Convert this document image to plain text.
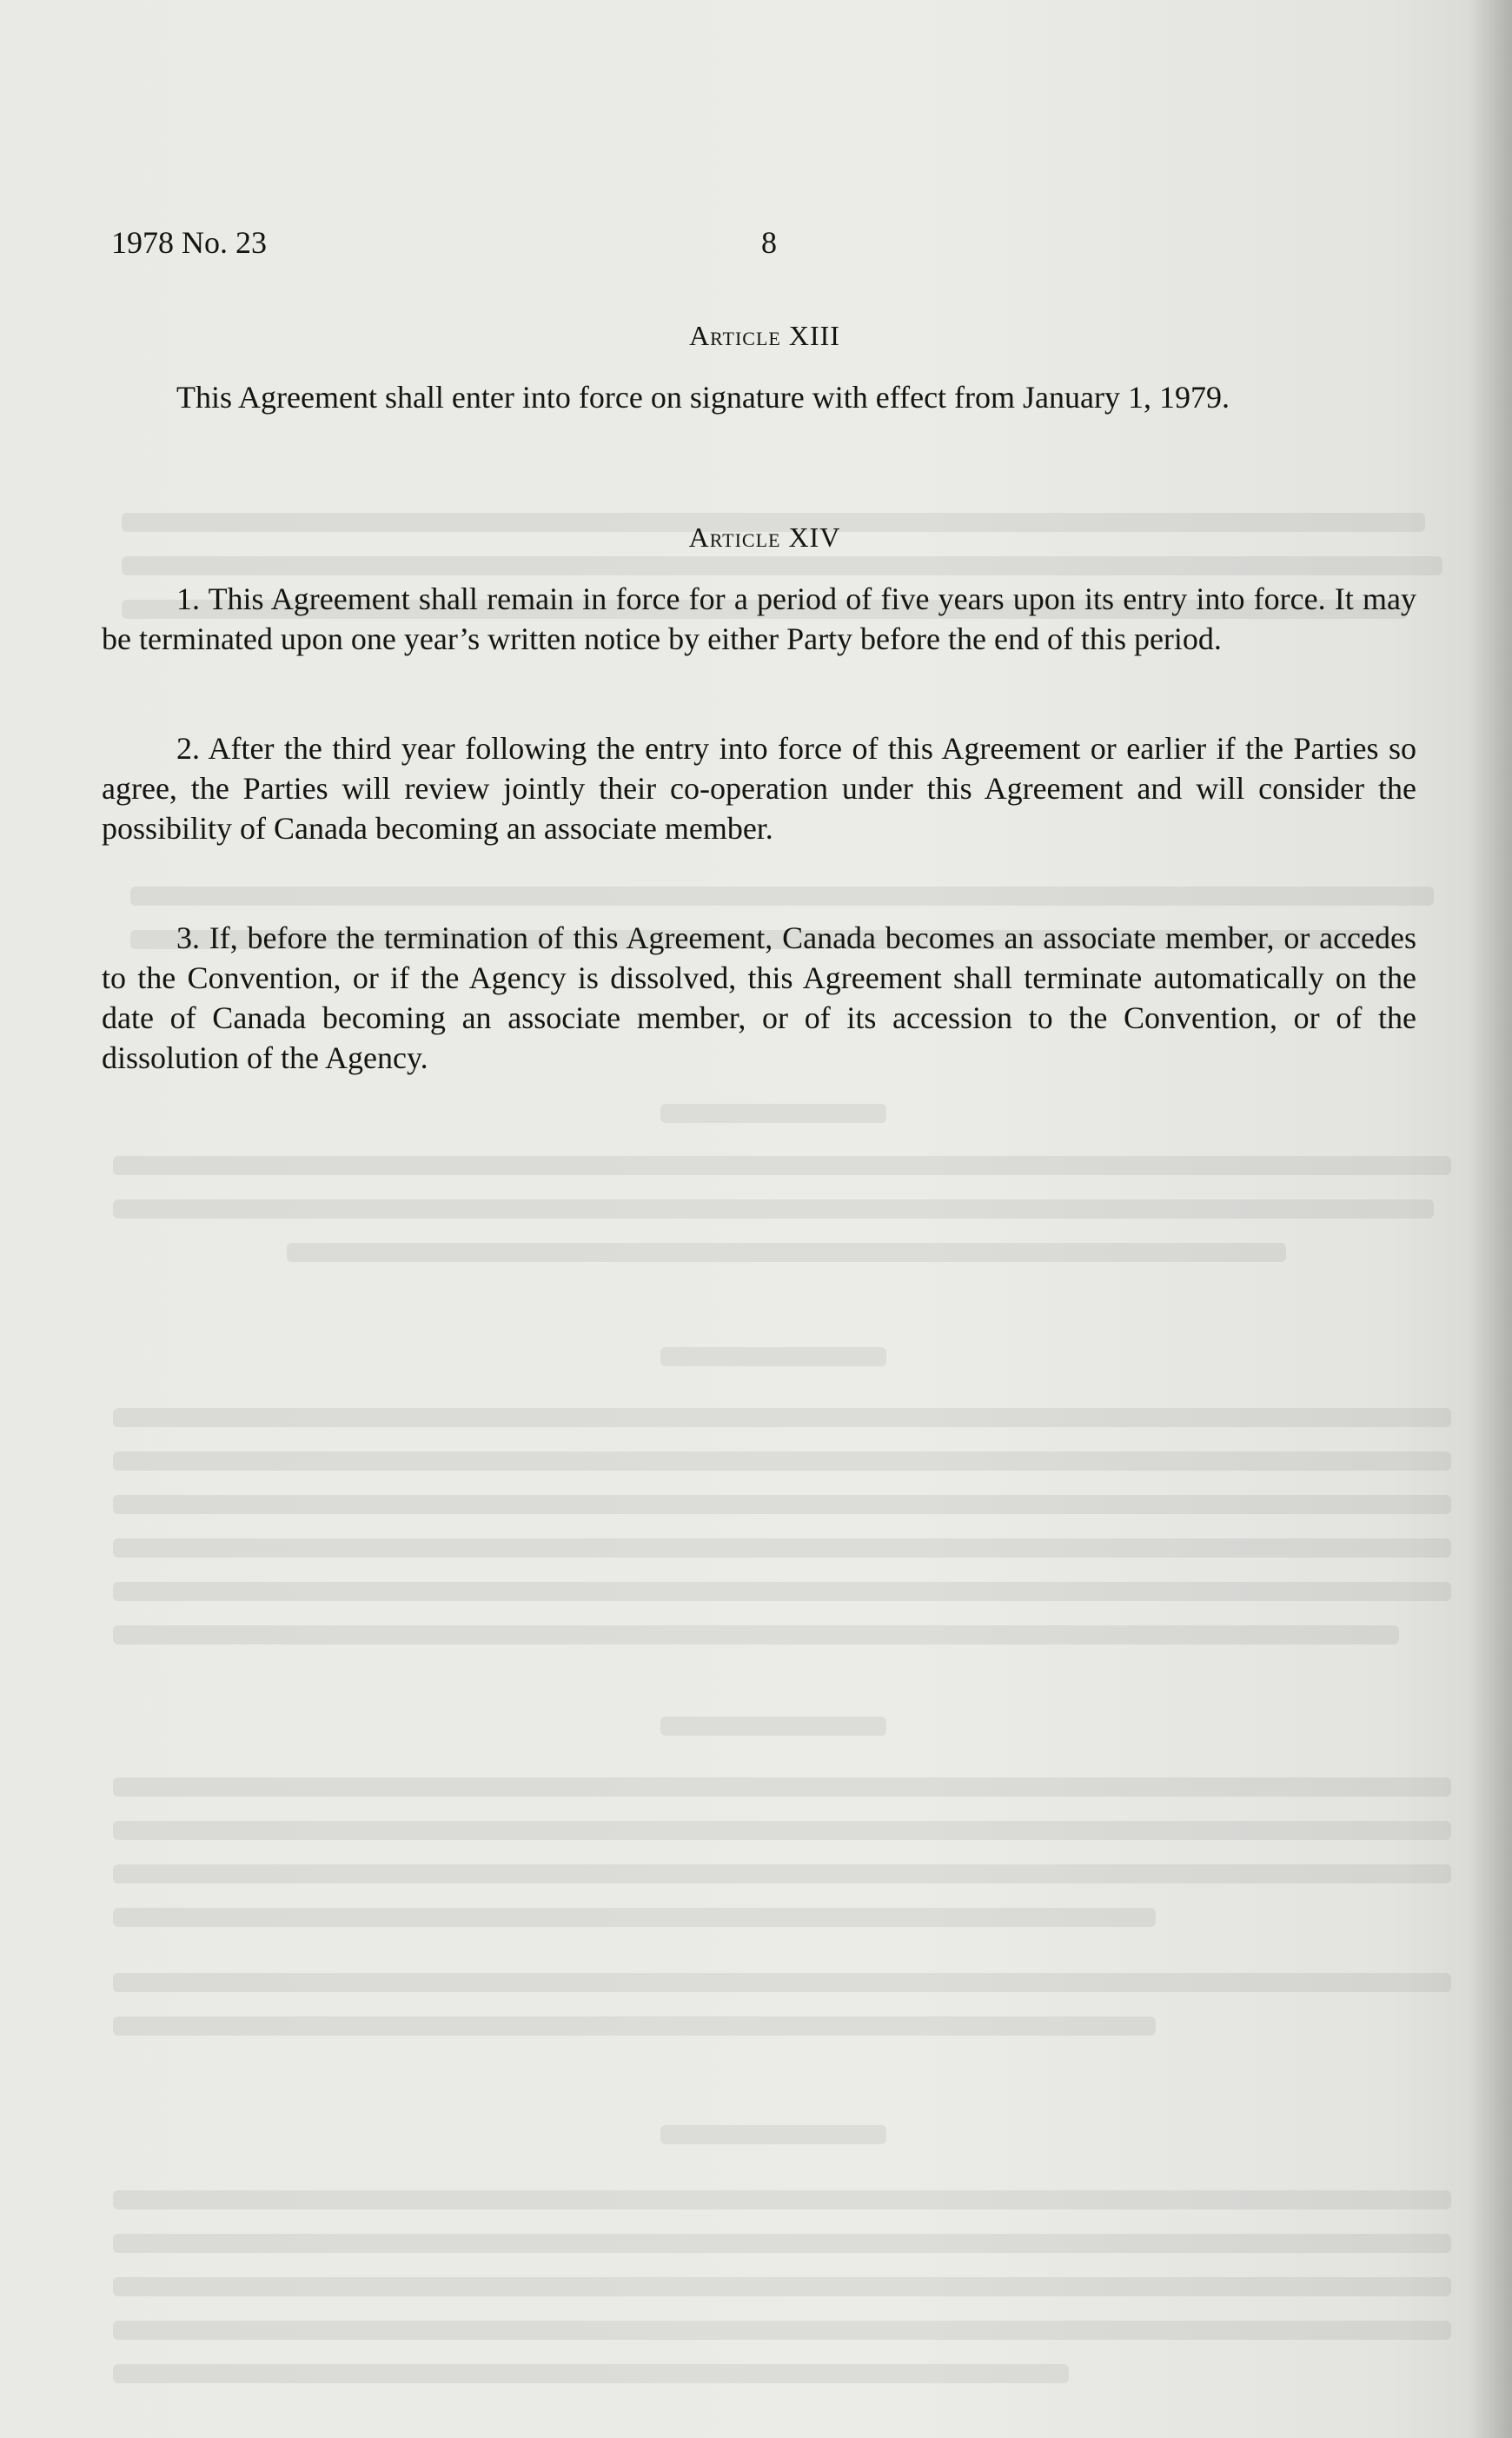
1978 No. 23	8
Article XIII

This Agreement shall enter into force on signature with effect from January 1, 1979.

Article XIV

1. This Agreement shall remain in force for a period of five years upon its entry into force. It may be terminated upon one year’s written notice by either Party before the end of this period.

2. After the third year following the entry into force of this Agreement or earlier if the Parties so agree, the Parties will review jointly their co-operation under this Agreement and will consider the possibility of Canada becoming an associate member.

3. If, before the termination of this Agreement, Canada becomes an associate member, or accedes to the Convention, or if the Agency is dissolved, this Agreement shall terminate automatically on the date of Canada becoming an associate member, or of its accession to the Convention, or of the dissolution of the Agency.
